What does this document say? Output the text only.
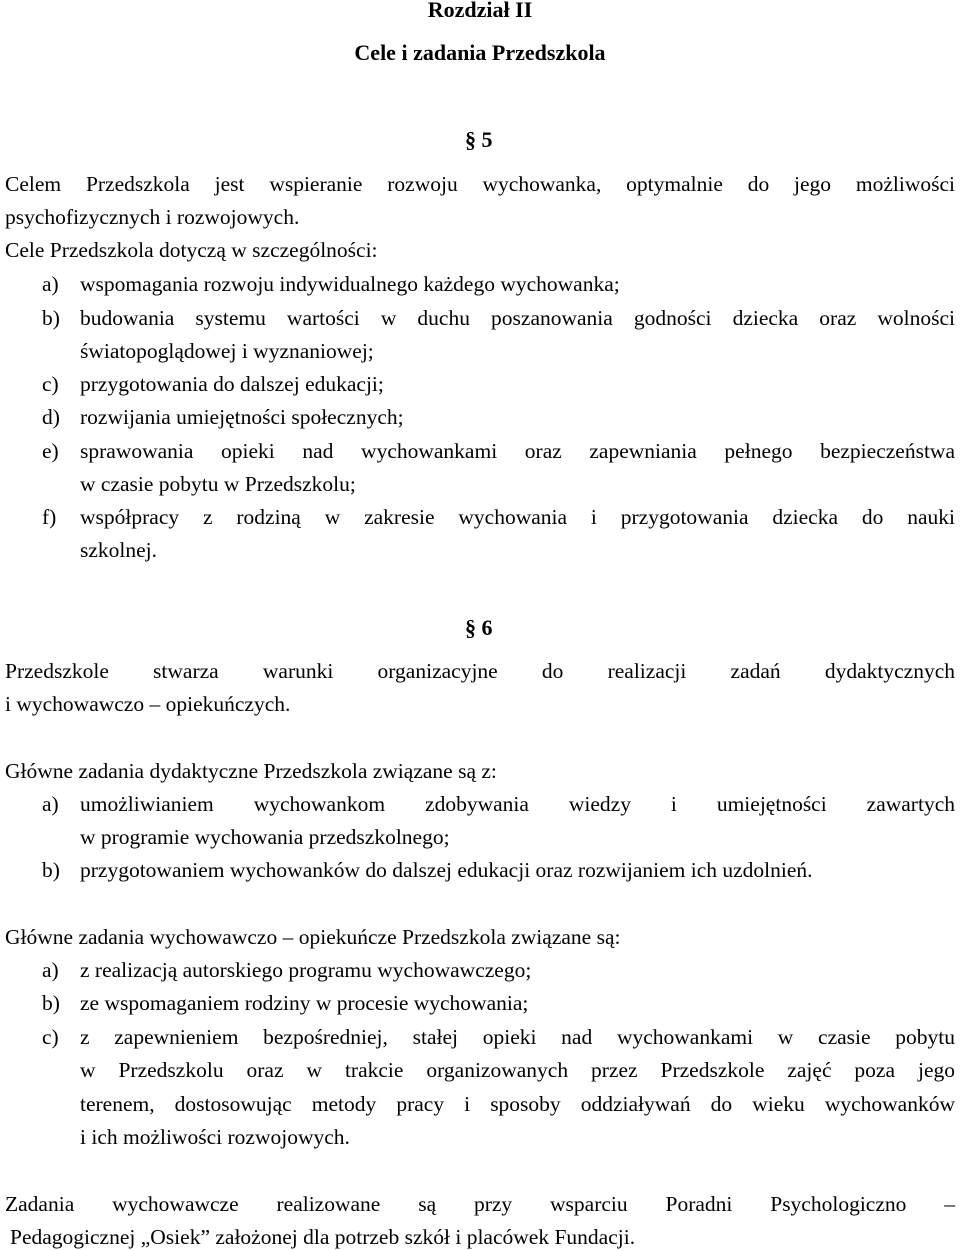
Rozdział II
Cele i zadania Przedszkola
§ 5
Celem Przedszkola jest wspieranie rozwoju wychowanka, optymalnie do jego możliwości
psychofizycznych i rozwojowych.
Cele Przedszkola dotyczą w szczególności:
a) wspomagania rozwoju indywidualnego każdego wychowanka;
b) budowania systemu wartości w duchu poszanowania godności dziecka oraz wolności
światopoglądowej i wyznaniowej;
c) przygotowania do dalszej edukacji;
d) rozwijania umiejętności społecznych;
e) sprawowania opieki nad wychowankami oraz zapewniania pełnego bezpieczeństwa
w czasie pobytu w Przedszkolu;
f) współpracy z rodziną w zakresie wychowania i przygotowania dziecka do nauki
szkolnej.
§ 6
Przedszkole stwarza warunki organizacyjne do realizacji zadań dydaktycznych
i wychowawczo – opiekuńczych.
Główne zadania dydaktyczne Przedszkola związane są z:
a) umożliwianiem wychowankom zdobywania wiedzy i umiejętności zawartych
w programie wychowania przedszkolnego;
b) przygotowaniem wychowanków do dalszej edukacji oraz rozwijaniem ich uzdolnień.
Główne zadania wychowawczo – opiekuńcze Przedszkola związane są:
a) z realizacją autorskiego programu wychowawczego;
b) ze wspomaganiem rodziny w procesie wychowania;
c) z zapewnieniem bezpośredniej, stałej opieki nad wychowankami w czasie pobytu
w Przedszkolu oraz w trakcie organizowanych przez Przedszkole zajęć poza jego
terenem, dostosowując metody pracy i sposoby oddziaływań do wieku wychowanków
i ich możliwości rozwojowych.
Zadania wychowawcze realizowane są przy wsparciu Poradni Psychologiczno –
Pedagogicznej „Osiek” założonej dla potrzeb szkół i placówek Fundacji.
